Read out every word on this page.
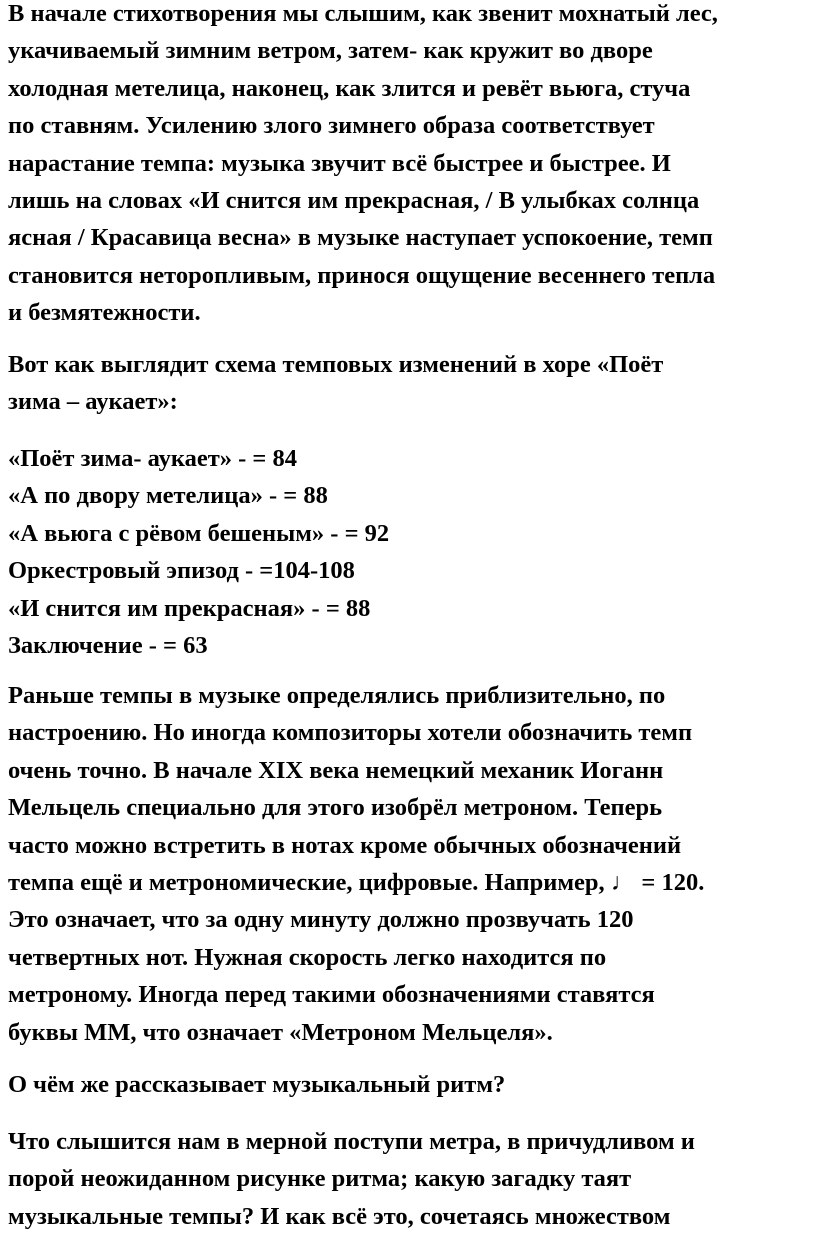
В начале стихотворения мы слышим, как звенит мохнатый лес,
укачиваемый зимним ветром, затем- как кружит во дворе
холодная метелица, наконец, как злится и ревёт вьюга, стуча
по ставням. Усилению злого зимнего образа соответствует
нарастание темпа: музыка звучит всё быстрее и быстрее. И
лишь на словах «И снится им прекрасная, / В улыбках солнца
ясная / Красавица весна» в музыке наступает успокоение, темп
становится неторопливым, принося ощущение весеннего тепла
и безмятежности.

Вот как выглядит схема темповых изменений в хоре «Поёт
зима – аукает»:

«Поёт зима- аукает» - = 84
«А по двору метелица» - = 88
«А вьюга с рёвом бешеным» - = 92
Оркестровый эпизод - =104-108
«И снится им прекрасная» - = 88
Заключение - = 63

Раньше темпы в музыке определялись приблизительно, по
настроению. Но иногда композиторы хотели обозначить темп
очень точно. В начале XIX века немецкий механик Иоганн
Мельцель специально для этого изобрёл метроном. Теперь
часто можно встретить в нотах кроме обычных обозначений
темпа ещё и метрономические, цифровые. Например, ♩ = 120.
Это означает, что за одну минуту должно прозвучать 120
четвертных нот. Нужная скорость легко находится по
метроному. Иногда перед такими обозначениями ставятся
буквы ММ, что означает «Метроном Мельцеля».

О чём же рассказывает музыкальный ритм?

Что слышится нам в мерной поступи метра, в причудливом и
порой неожиданном рисунке ритма; какую загадку таят
музыкальные темпы? И как всё это, сочетаясь множеством
